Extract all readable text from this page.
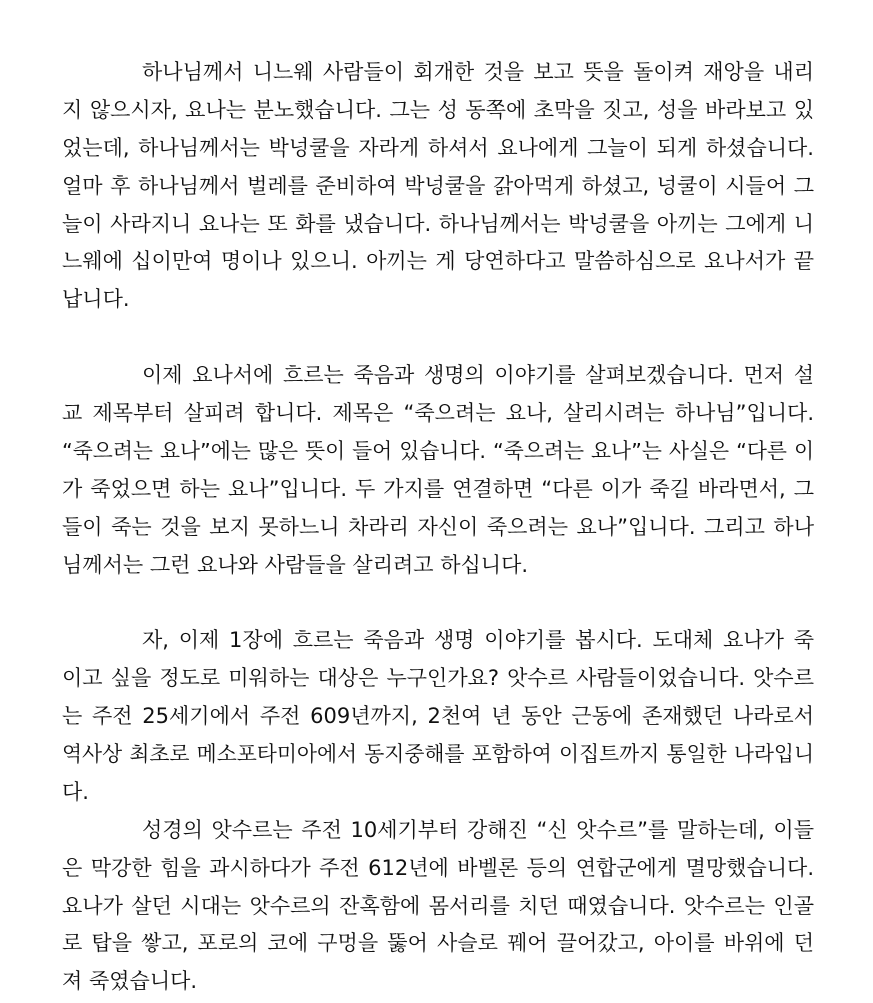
하나님께서 니느웨 사람들이 회개한 것을 보고 뜻을 돌이켜 재앙을 내리
지 않으시자, 요나는 분노했습니다. 그는 성 동쪽에 초막을 짓고, 성을 바라보고 있
었는데, 하나님께서는 박넝쿨을 자라게 하셔서 요나에게 그늘이 되게 하셨습니다.
얼마 후 하나님께서 벌레를 준비하여 박넝쿨을 갉아먹게 하셨고, 넝쿨이 시들어 그
늘이 사라지니 요나는 또 화를 냈습니다. 하나님께서는 박넝쿨을 아끼는 그에게 니
느웨에 십이만여 명이나 있으니. 아끼는 게 당연하다고 말씀하심으로 요나서가 끝
납니다.
이제 요나서에 흐르는 죽음과 생명의 이야기를 살펴보겠습니다. 먼저 설
교 제목부터 살피려 합니다. 제목은 “죽으려는 요나, 살리시려는 하나님”입니다.
“죽으려는 요나”에는 많은 뜻이 들어 있습니다. “죽으려는 요나”는 사실은 “다른 이
가 죽었으면 하는 요나”입니다. 두 가지를 연결하면 “다른 이가 죽길 바라면서, 그
들이 죽는 것을 보지 못하느니 차라리 자신이 죽으려는 요나”입니다. 그리고 하나
님께서는 그런 요나와 사람들을 살리려고 하십니다.
자, 이제 1장에 흐르는 죽음과 생명 이야기를 봅시다. 도대체 요나가 죽
이고 싶을 정도로 미워하는 대상은 누구인가요? 앗수르 사람들이었습니다. 앗수르
는 주전 25세기에서 주전 609년까지, 2천여 년 동안 근동에 존재했던 나라로서
역사상 최초로 메소포타미아에서 동지중해를 포함하여 이집트까지 통일한 나라입니
다.
성경의 앗수르는 주전 10세기부터 강해진 “신 앗수르”를 말하는데, 이들
은 막강한 힘을 과시하다가 주전 612년에 바벨론 등의 연합군에게 멸망했습니다.
요나가 살던 시대는 앗수르의 잔혹함에 몸서리를 치던 때였습니다. 앗수르는 인골
로 탑을 쌓고, 포로의 코에 구멍을 뚫어 사슬로 꿰어 끌어갔고, 아이를 바위에 던
져 죽였습니다.
